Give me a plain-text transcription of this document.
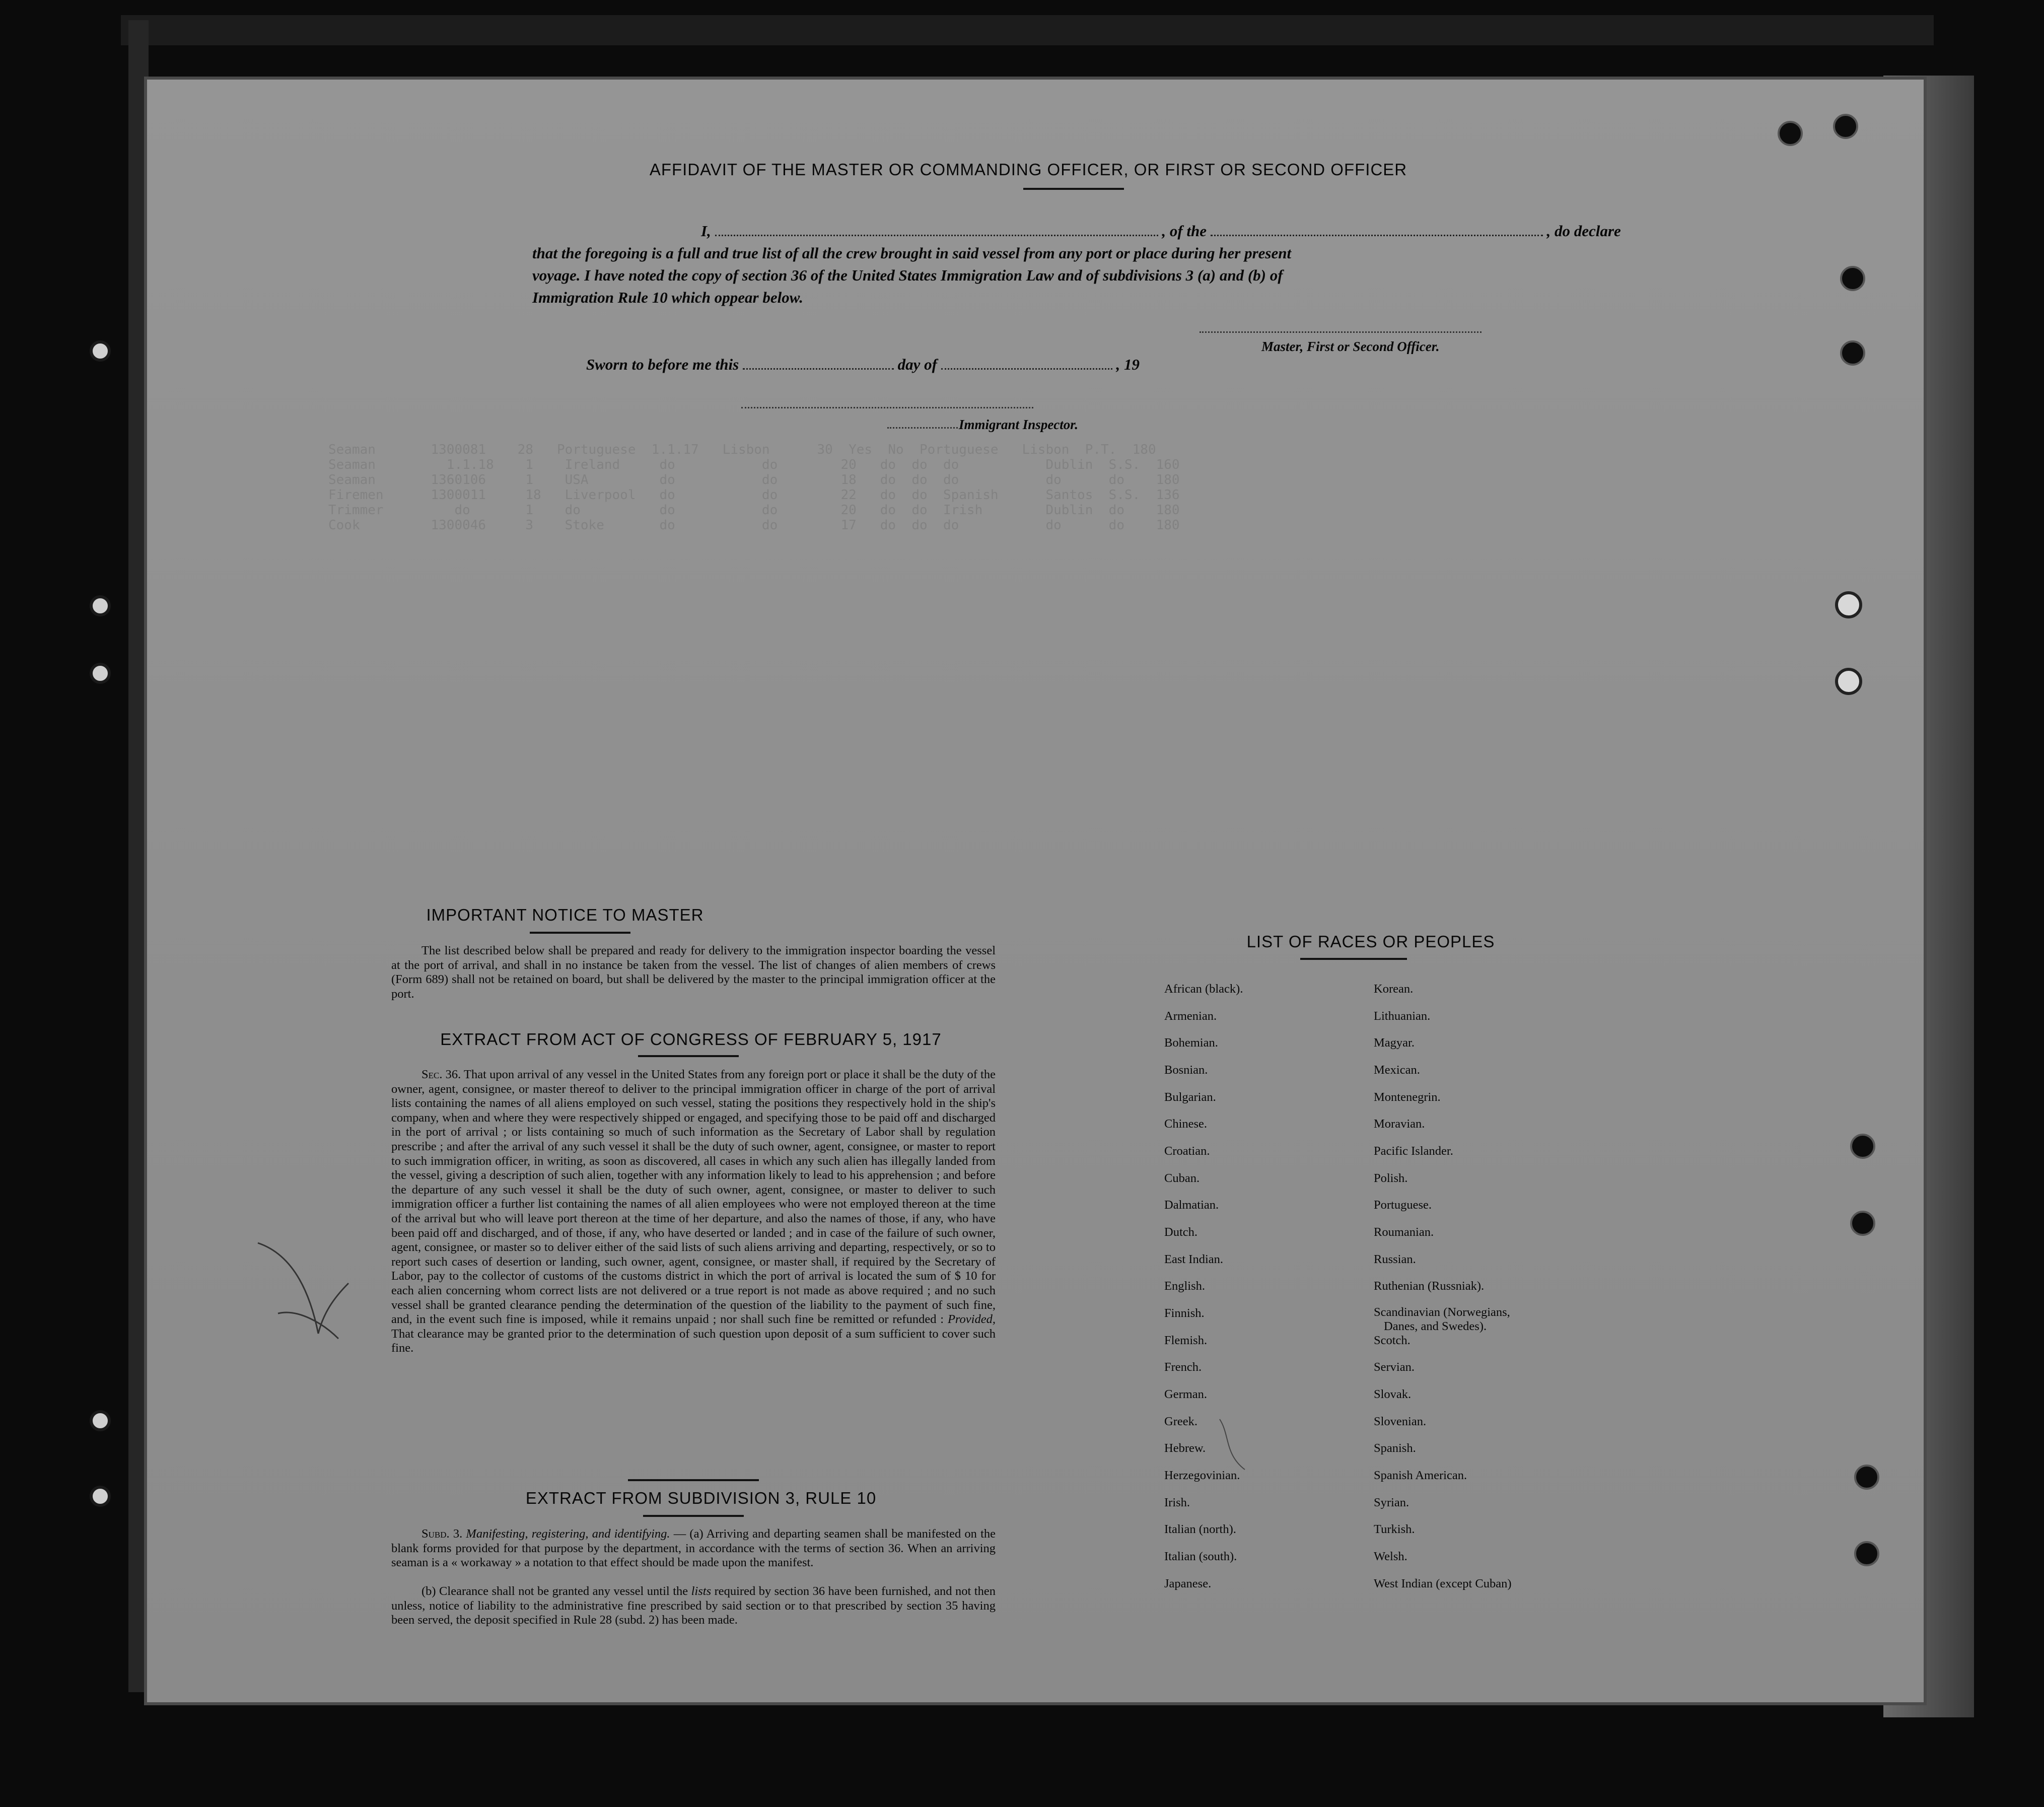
Seaman       1300081    28   Portuguese  1.1.17   Lisbon      30  Yes  No  Portuguese   Lisbon  P.T.  180
Seaman         1.1.18    1    Ireland     do           do        20   do  do  do           Dublin  S.S.  160
Seaman       1360106     1    USA         do           do        18   do  do  do           do      do    180
Firemen      1300011     18   Liverpool   do           do        22   do  do  Spanish      Santos  S.S.  136
Trimmer         do       1    do          do           do        20   do  do  Irish        Dublin  do    180
Cook         1300046     3    Stoke       do           do        17   do  do  do           do      do    180
AFFIDAVIT OF THE MASTER OR COMMANDING OFFICER, OR FIRST OR SECOND OFFICER
I,	, of the	, do declare
that the foregoing is a full and true list of all the crew brought in said vessel from any port or place during her present
voyage. I have noted the copy of section 36 of the United States Immigration Law and of subdivisions 3 (a) and (b) of
Immigration Rule 10 which oppear below.
Master, First or Second Officer.
Sworn to before me this	day of	, 19
Immigrant Inspector.
IMPORTANT NOTICE TO MASTER

The list described below shall be prepared and ready for delivery to the immigration inspector boarding the vessel at the port of arrival, and shall in no instance be taken from the vessel. The list of changes of alien members of crews (Form 689) shall not be retained on board, but shall be delivered by the master to the principal immigration officer at the port.

EXTRACT FROM ACT OF CONGRESS OF FEBRUARY 5, 1917

Sec. 36. That upon arrival of any vessel in the United States from any foreign port or place it shall be the duty of the owner, agent, consignee, or master thereof to deliver to the principal immigration officer in charge of the port of arrival lists containing the names of all aliens employed on such vessel, stating the positions they respectively hold in the ship's company, when and where they were respectively shipped or engaged, and specifying those to be paid off and discharged in the port of arrival ; or lists containing so much of such information as the Secretary of Labor shall by regulation prescribe ; and after the arrival of any such vessel it shall be the duty of such owner, agent, consignee, or master to report to such immigration officer, in writing, as soon as discovered, all cases in which any such alien has illegally landed from the vessel, giving a description of such alien, together with any information likely to lead to his apprehension ; and before the departure of any such vessel it shall be the duty of such owner, agent, consignee, or master to deliver to such immigration officer a further list containing the names of all alien employees who were not employed thereon at the time of the arrival but who will leave port thereon at the time of her departure, and also the names of those, if any, who have been paid off and discharged, and of those, if any, who have deserted or landed ; and in case of the failure of such owner, agent, consignee, or master so to deliver either of the said lists of such aliens arriving and departing, respectively, or so to report such cases of desertion or landing, such owner, agent, consignee, or master shall, if required by the Secretary of Labor, pay to the collector of customs of the customs district in which the port of arrival is located the sum of $ 10 for each alien concerning whom correct lists are not delivered or a true report is not made as above required ; and no such vessel shall be granted clearance pending the determination of the question of the liability to the payment of such fine, and, in the event such fine is imposed, while it remains unpaid ; nor shall such fine be remitted or refunded : Provided, That clearance may be granted prior to the determination of such question upon deposit of a sum sufficient to cover such fine.

EXTRACT FROM SUBDIVISION 3, RULE 10

Subd. 3. Manifesting, registering, and identifying. — (a) Arriving and departing seamen shall be manifested on the blank forms provided for that purpose by the department, in accordance with the terms of section 36. When an arriving seaman is a « workaway » a notation to that effect should be made upon the manifest.

(b) Clearance shall not be granted any vessel until the lists required by section 36 have been furnished, and not then unless, notice of liability to the administrative fine prescribed by said section or to that prescribed by section 35 having been served, the deposit specified in Rule 28 (subd. 2) has been made.

LIST OF RACES OR PEOPLES
African (black).
Armenian.
Bohemian.
Bosnian.
Bulgarian.
Chinese.
Croatian.
Cuban.
Dalmatian.
Dutch.
East Indian.
English.
Finnish.
Flemish.
French.
German.
Greek.
Hebrew.
Herzegovinian.
Irish.
Italian (north).
Italian (south).
Japanese.
Korean.
Lithuanian.
Magyar.
Mexican.
Montenegrin.
Moravian.
Pacific Islander.
Polish.
Portuguese.
Roumanian.
Russian.
Ruthenian (Russniak).
Scandinavian (Norwegians,
Danes, and Swedes).
Scotch.
Servian.
Slovak.
Slovenian.
Spanish.
Spanish American.
Syrian.
Turkish.
Welsh.
West Indian (except Cuban)
